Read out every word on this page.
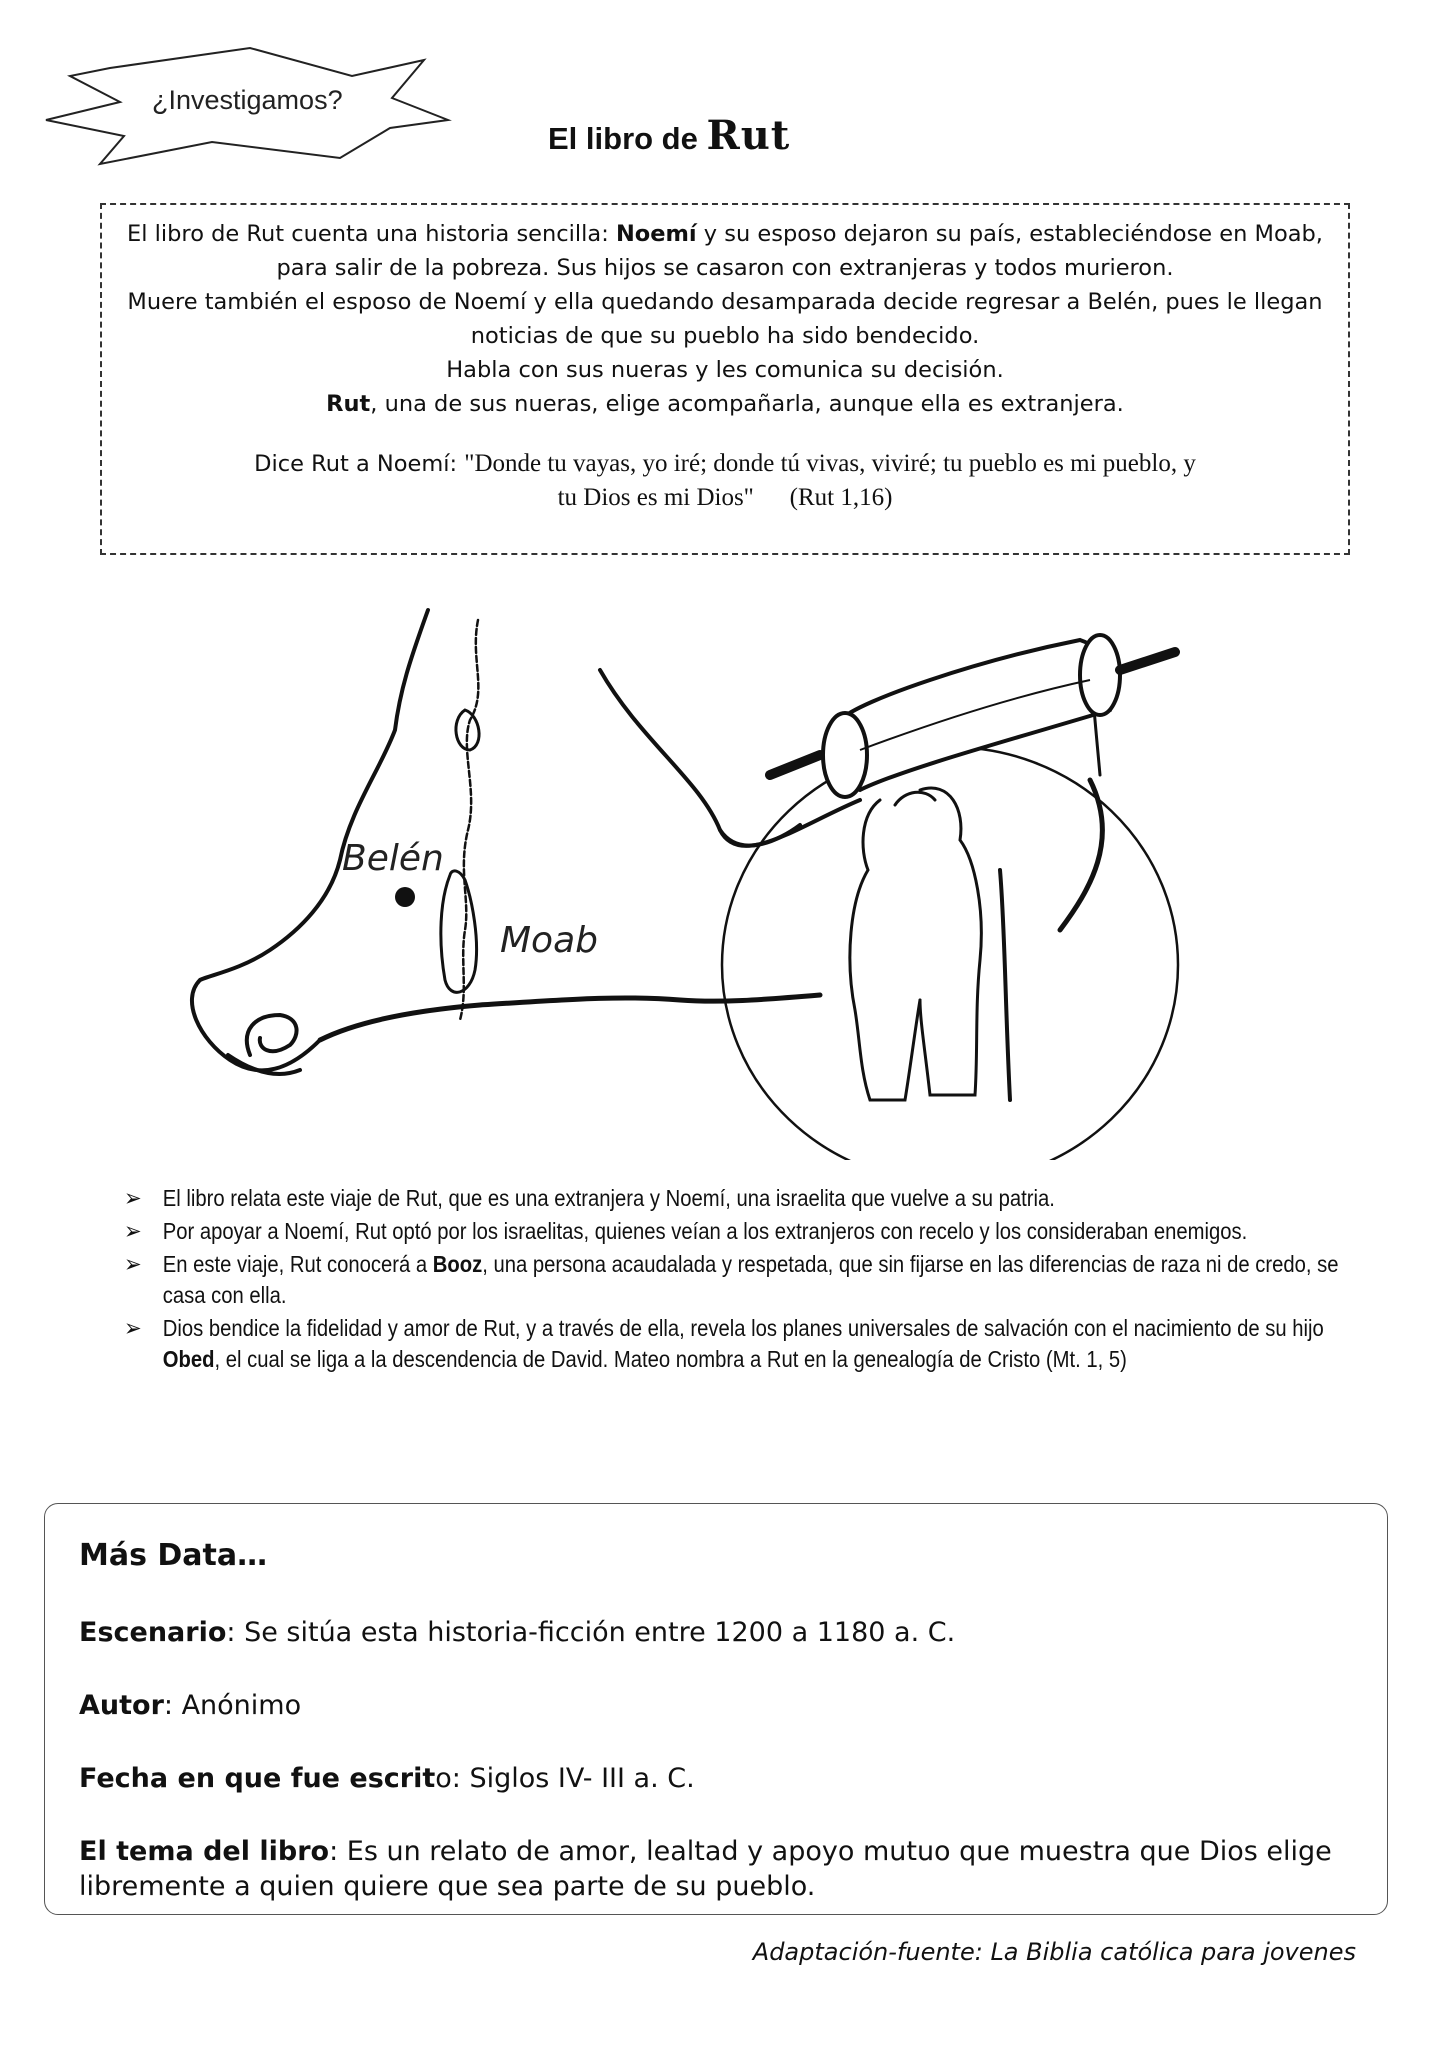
¿Investigamos?
El libro de Rut

El libro de Rut cuenta una historia sencilla: Noemí y su esposo dejaron su país, estableciéndose en Moab, para salir de la pobreza. Sus hijos se casaron con extranjeras y todos murieron.

Muere también el esposo de Noemí y ella quedando desamparada decide regresar a Belén, pues le llegan noticias de que su pueblo ha sido bendecido.

Habla con sus nueras y les comunica su decisión.

Rut, una de sus nueras, elige acompañarla, aunque ella es extranjera.

Dice Rut a Noemí: "Donde tu vayas, yo iré; donde tú vivas, viviré; tu pueblo es mi pueblo, y tu Dios es mi Dios" (Rut 1,16)

Belén
Moab
➢ El libro relata este viaje de Rut, que es una extranjera y Noemí, una israelita que vuelve a su patria.
➢ Por apoyar a Noemí, Rut optó por los israelitas, quienes veían a los extranjeros con recelo y los consideraban enemigos.
➢ En este viaje, Rut conocerá a Booz, una persona acaudalada y respetada, que sin fijarse en las diferencias de raza ni de credo, se casa con ella.
➢ Dios bendice la fidelidad y amor de Rut, y a través de ella, revela los planes universales de salvación con el nacimiento de su hijo Obed, el cual se liga a la descendencia de David. Mateo nombra a Rut en la genealogía de Cristo (Mt. 1, 5)
Más Data…

Escenario: Se sitúa esta historia-ficción entre 1200 a 1180 a. C.

Autor: Anónimo

Fecha en que fue escrito: Siglos IV- III a. C.

El tema del libro: Es un relato de amor, lealtad y apoyo mutuo que muestra que Dios elige libremente a quien quiere que sea parte de su pueblo.

Adaptación-fuente: La Biblia católica para jovenes
